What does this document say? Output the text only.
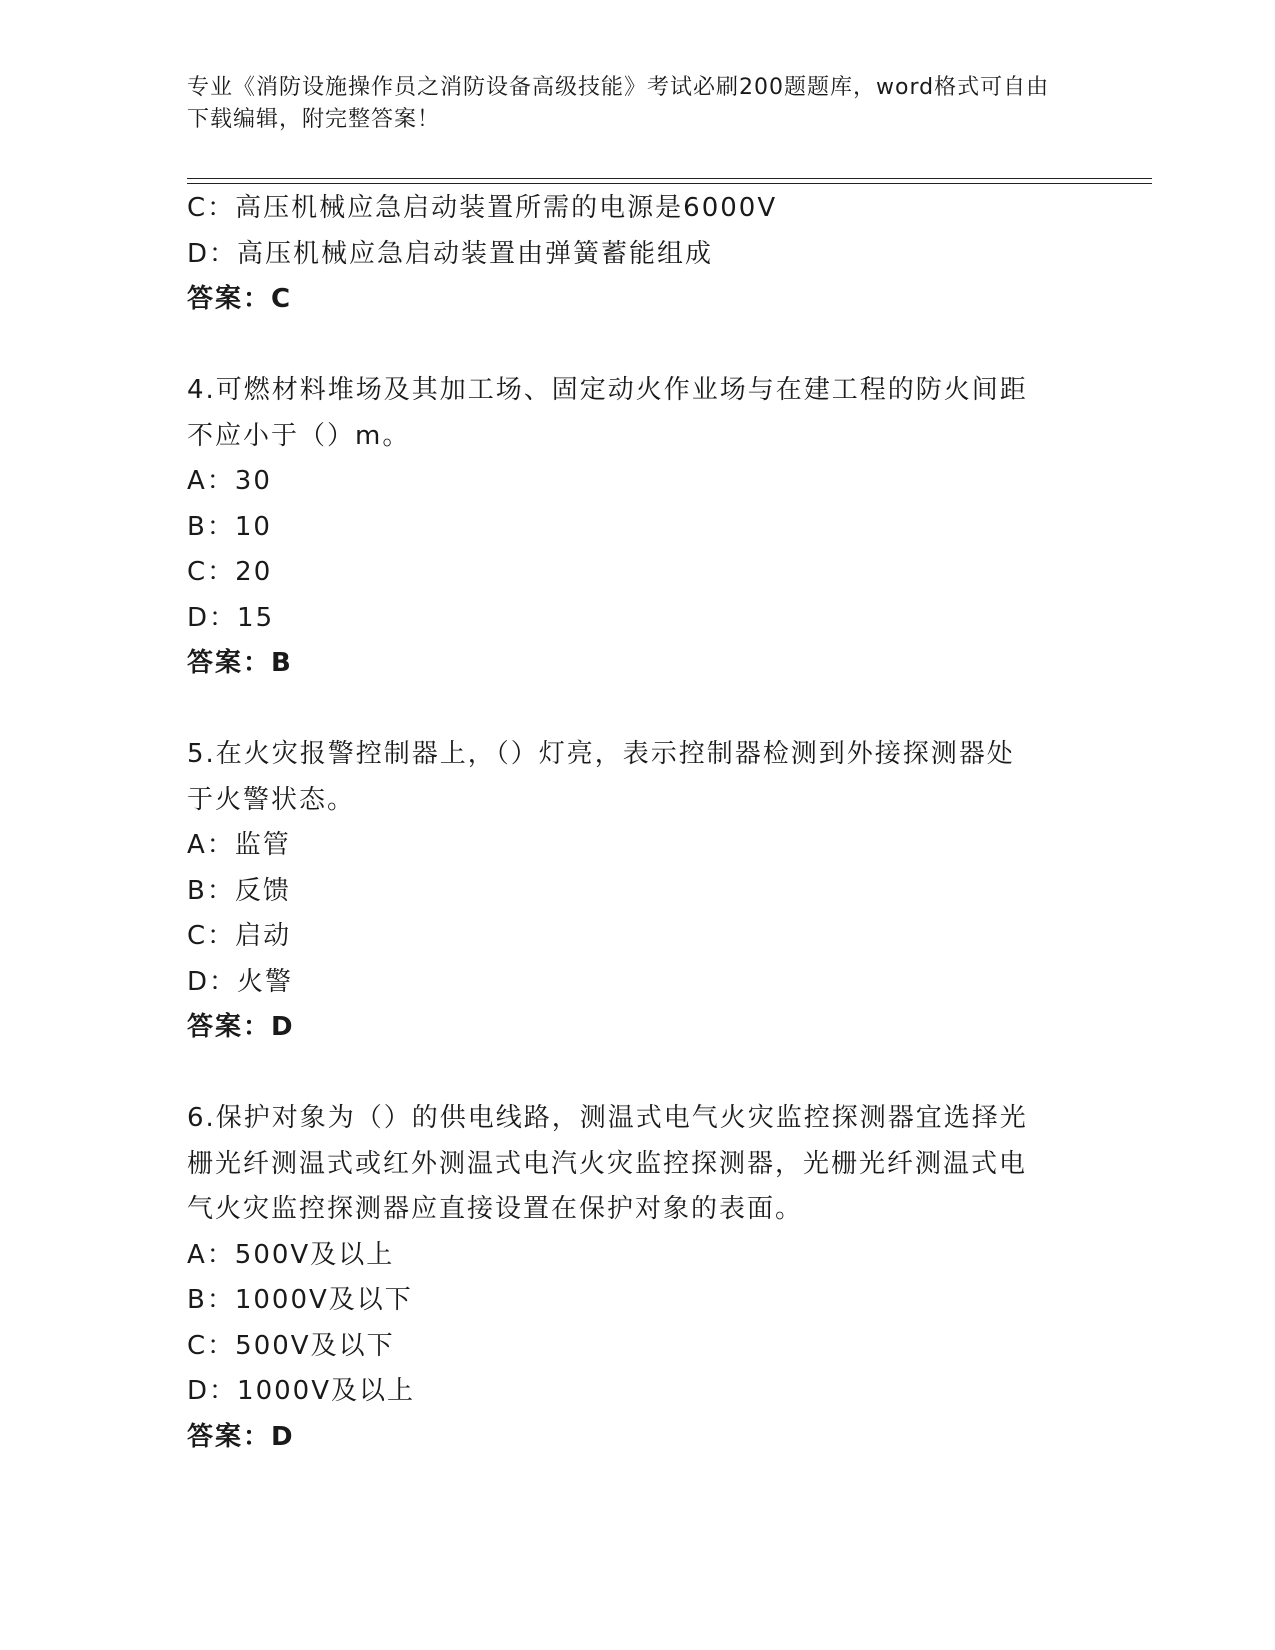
专业《消防设施操作员之消防设备高级技能》考试必刷200题题库，word格式可自由下载编辑，附完整答案！
C：高压机械应急启动装置所需的电源是6000V
D：高压机械应急启动装置由弹簧蓄能组成
答案：C
4.可燃材料堆场及其加工场、固定动火作业场与在建工程的防火间距
不应小于（）m。
A：30
B：10
C：20
D：15
答案：B
5.在火灾报警控制器上，（）灯亮，表示控制器检测到外接探测器处
于火警状态。
A：监管
B：反馈
C：启动
D：火警
答案：D
6.保护对象为（）的供电线路，测温式电气火灾监控探测器宜选择光
栅光纤测温式或红外测温式电汽火灾监控探测器，光栅光纤测温式电
气火灾监控探测器应直接设置在保护对象的表面。
A：500V及以上
B：1000V及以下
C：500V及以下
D：1000V及以上
答案：D
